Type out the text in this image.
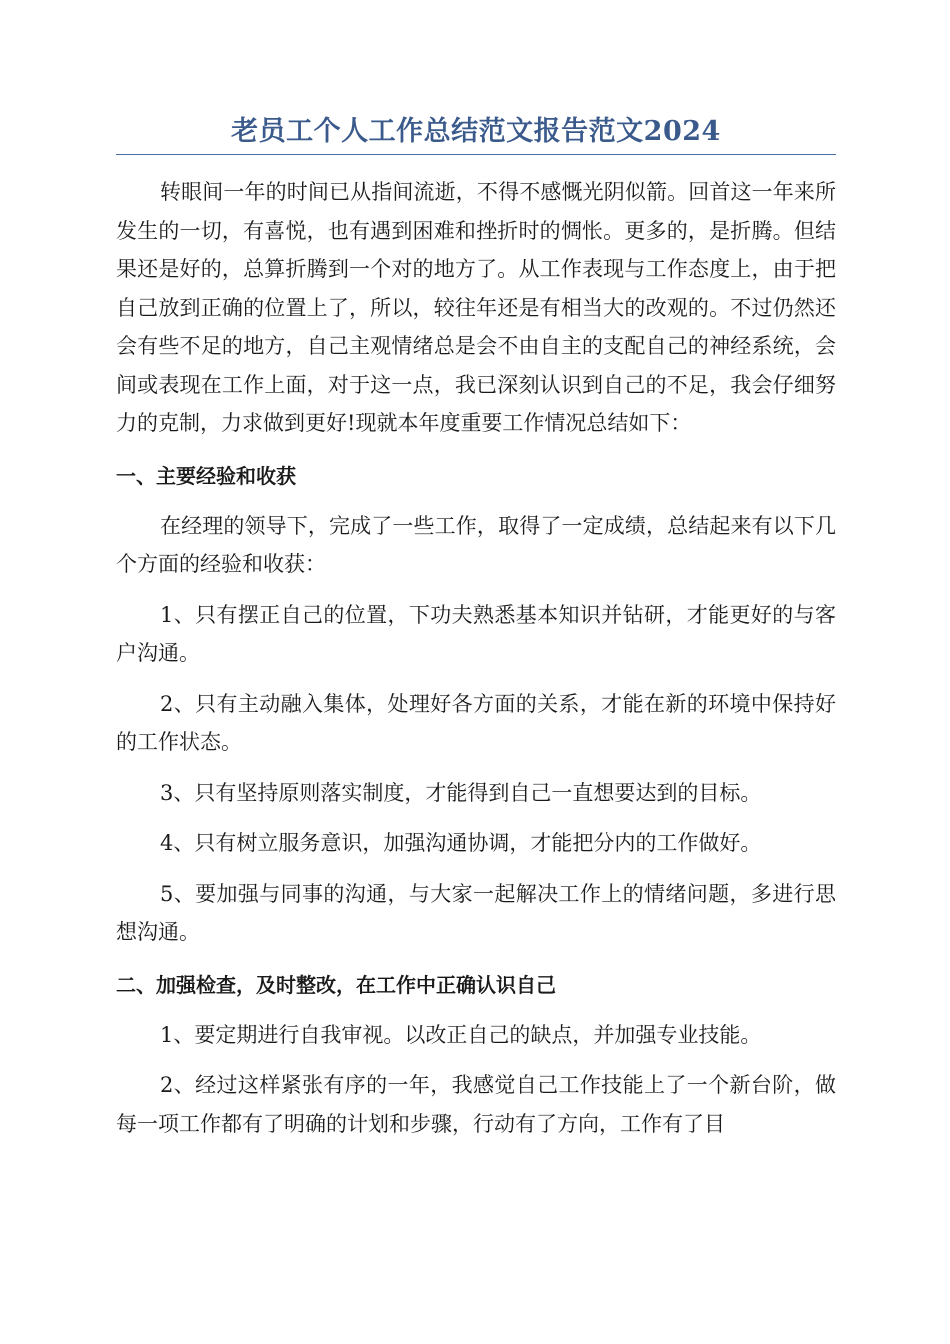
老员工个人工作总结范文报告范文2024

转眼间一年的时间已从指间流逝，不得不感慨光阴似箭。回首这一年来所发生的一切，有喜悦，也有遇到困难和挫折时的惆怅。更多的，是折腾。但结果还是好的，总算折腾到一个对的地方了。从工作表现与工作态度上，由于把自己放到正确的位置上了，所以，较往年还是有相当大的改观的。不过仍然还会有些不足的地方，自己主观情绪总是会不由自主的支配自己的神经系统，会间或表现在工作上面，对于这一点，我已深刻认识到自己的不足，我会仔细努力的克制，力求做到更好!现就本年度重要工作情况总结如下：

一、主要经验和收获

在经理的领导下，完成了一些工作，取得了一定成绩，总结起来有以下几个方面的经验和收获：

1、只有摆正自己的位置，下功夫熟悉基本知识并钻研，才能更好的与客户沟通。

2、只有主动融入集体，处理好各方面的关系，才能在新的环境中保持好的工作状态。

3、只有坚持原则落实制度，才能得到自己一直想要达到的目标。

4、只有树立服务意识，加强沟通协调，才能把分内的工作做好。

5、要加强与同事的沟通，与大家一起解决工作上的情绪问题，多进行思想沟通。

二、加强检查，及时整改，在工作中正确认识自己

1、要定期进行自我审视。以改正自己的缺点，并加强专业技能。

2、经过这样紧张有序的一年，我感觉自己工作技能上了一个新台阶，做每一项工作都有了明确的计划和步骤，行动有了方向，工作有了目
